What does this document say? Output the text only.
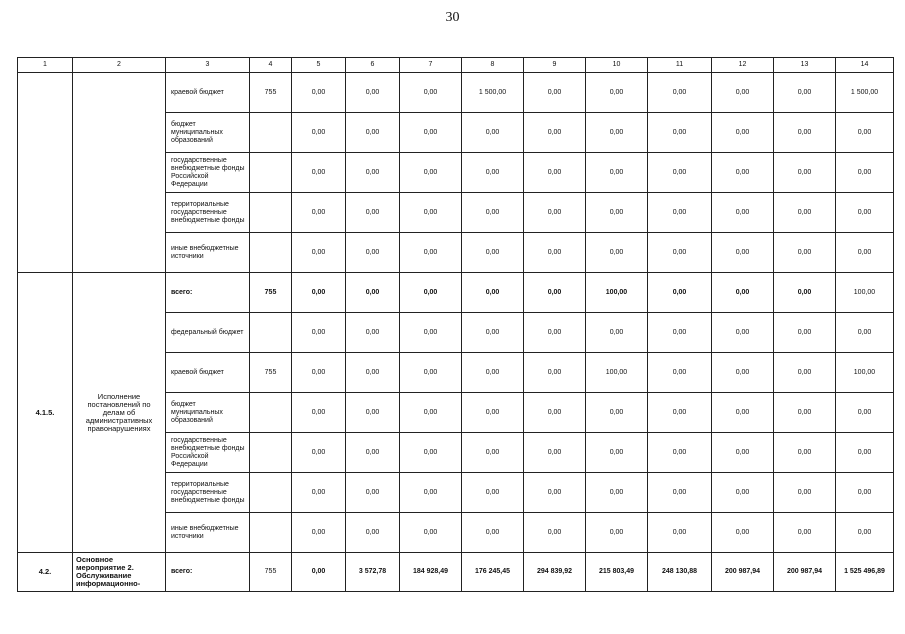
30
1	2	3	4	5	6	7	8	9	10	11	12	13	14
		краевой бюджет	755	0,00	0,00	0,00	1 500,00	0,00	0,00	0,00	0,00	0,00	1 500,00
		бюджет муниципальных образований		0,00	0,00	0,00	0,00	0,00	0,00	0,00	0,00	0,00	0,00
		государственные внебюджетные фонды Российской Федерации		0,00	0,00	0,00	0,00	0,00	0,00	0,00	0,00	0,00	0,00
		территориальные государственные внебюджетные фонды		0,00	0,00	0,00	0,00	0,00	0,00	0,00	0,00	0,00	0,00
		иные внебюджетные источники		0,00	0,00	0,00	0,00	0,00	0,00	0,00	0,00	0,00	0,00
4.1.5.	Исполнение постановлений по делам об административных правонарушениях	всего:	755	0,00	0,00	0,00	0,00	0,00	100,00	0,00	0,00	0,00	100,00
		федеральный бюджет		0,00	0,00	0,00	0,00	0,00	0,00	0,00	0,00	0,00	0,00
		краевой бюджет	755	0,00	0,00	0,00	0,00	0,00	100,00	0,00	0,00	0,00	100,00
		бюджет муниципальных образований		0,00	0,00	0,00	0,00	0,00	0,00	0,00	0,00	0,00	0,00
		государственные внебюджетные фонды Российской Федерации		0,00	0,00	0,00	0,00	0,00	0,00	0,00	0,00	0,00	0,00
		территориальные государственные внебюджетные фонды		0,00	0,00	0,00	0,00	0,00	0,00	0,00	0,00	0,00	0,00
		иные внебюджетные источники		0,00	0,00	0,00	0,00	0,00	0,00	0,00	0,00	0,00	0,00
4.2.	Основное мероприятие 2. Обслуживание информационно-	всего:	755	0,00	3 572,78	184 928,49	176 245,45	294 839,92	215 803,49	248 130,88	200 987,94	200 987,94	1 525 496,89
